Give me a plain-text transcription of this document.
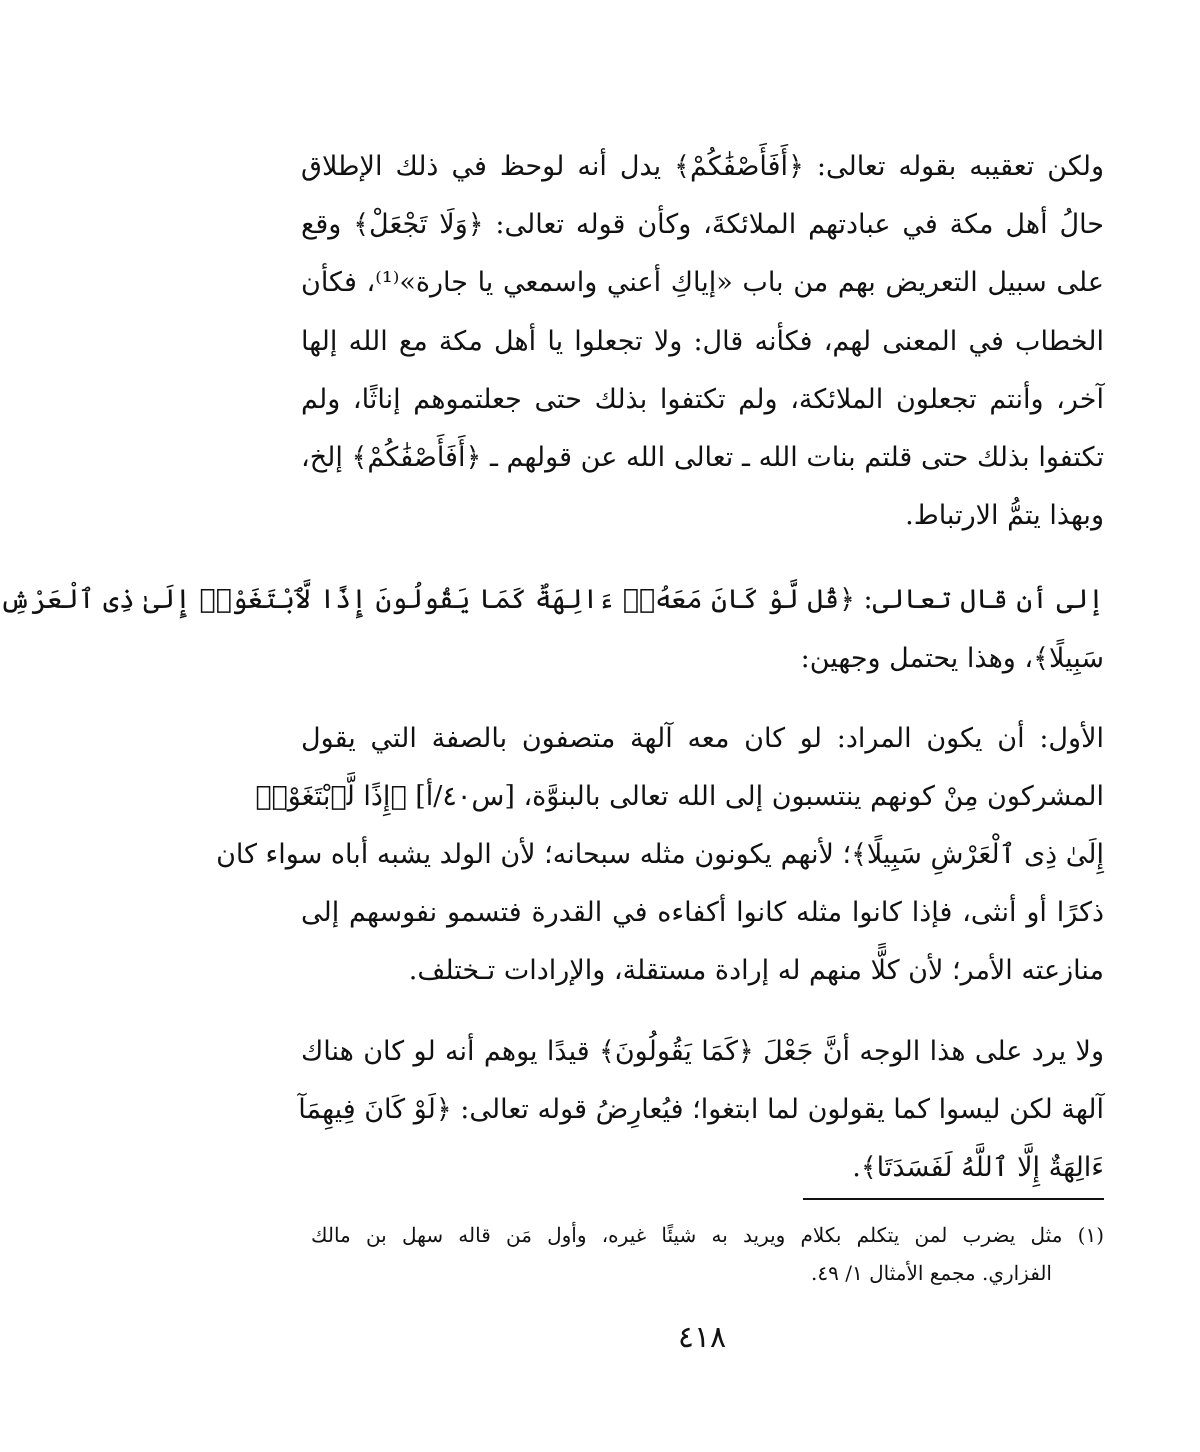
ولكن تعقيبه بقوله تعالى: ﴿أَفَأَصْفَٰكُمْ﴾ يدل أنه لوحظ في ذلك الإطلاق
حالُ أهل مكة في عبادتهم الملائكةَ، وكأن قوله تعالى: ﴿وَلَا تَجْعَلْ﴾ وقع
على سبيل التعريض بهم من باب «إياكِ أعني واسمعي يا جارة»⁽¹⁾، فكأن
الخطاب في المعنى لهم، فكأنه قال: ولا تجعلوا يا أهل مكة مع الله إلها
آخر، وأنتم تجعلون الملائكة، ولم تكتفوا بذلك حتى جعلتموهم إناثًا، ولم
تكتفوا بذلك حتى قلتم بنات الله ـ تعالى الله عن قولهم ـ ﴿أَفَأَصْفَٰكُمْ﴾ إلخ،
وبهذا يتمُّ الارتباط.
إلى أن قال تعالى: ﴿قُل لَّوْ كَانَ مَعَهُۥٓ ءَالِهَةٌ كَمَا يَقُولُونَ إِذًا لَّٱبْتَغَوْا۟ إِلَىٰ ذِى ٱلْعَرْشِ
سَبِيلًا﴾، وهذا يحتمل وجهين:
الأول: أن يكون المراد: لو كان معه آلهة متصفون بالصفة التي يقول
المشركون مِنْ كونهم ينتسبون إلى الله تعالى بالبنوَّة، [س٤٠/أ] ﴿إِذًا لَّٱبْتَغَوْا۟
إِلَىٰ ذِى ٱلْعَرْشِ سَبِيلًا﴾؛ لأنهم يكونون مثله سبحانه؛ لأن الولد يشبه أباه سواء كان
ذكرًا أو أنثى، فإذا كانوا مثله كانوا أكفاءه في القدرة فتسمو نفوسهم إلى
منازعته الأمر؛ لأن كلًّا منهم له إرادة مستقلة، والإرادات تـختلف.
ولا يرد على هذا الوجه أنَّ جَعْلَ ﴿كَمَا يَقُولُونَ﴾ قيدًا يوهم أنه لو كان هناك
آلهة لكن ليسوا كما يقولون لما ابتغوا؛ فيُعارِضُ قوله تعالى: ﴿لَوْ كَانَ فِيهِمَآ
ءَالِهَةٌ إِلَّا ٱللَّهُ لَفَسَدَتَا﴾.
(١) مثل يضرب لمن يتكلم بكلام ويريد به شيئًا غيره، وأول مَن قاله سهل بن مالك
الفزاري. مجمع الأمثال ١/ ٤٩.
٤١٨
